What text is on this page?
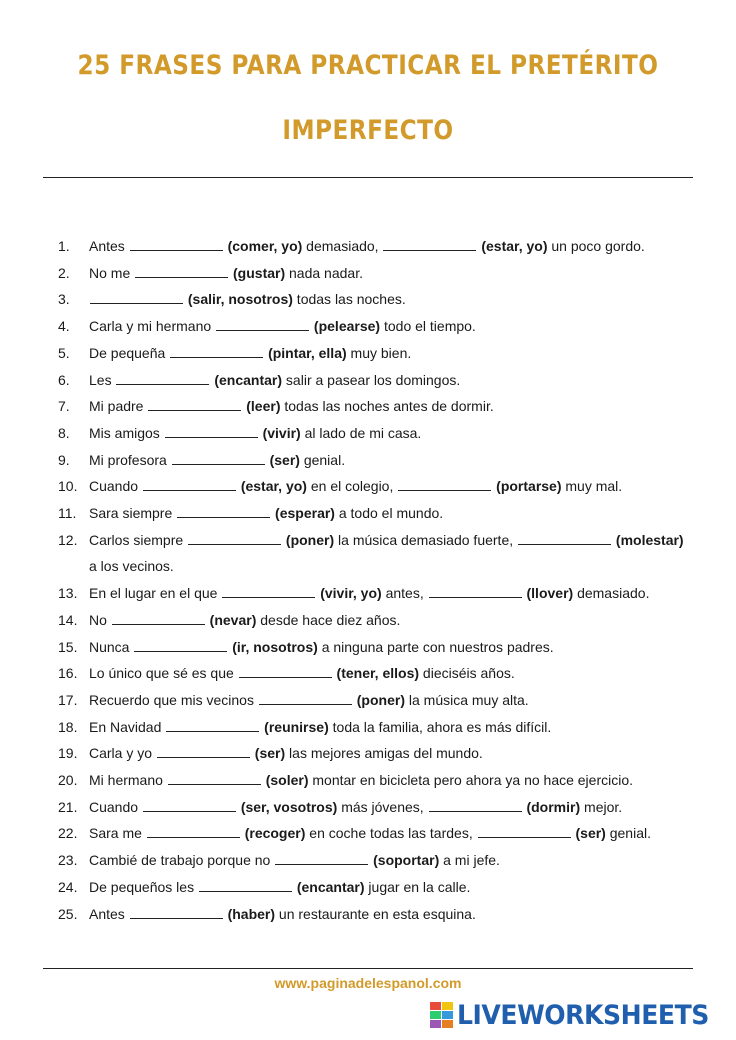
25 FRASES PARA PRACTICAR EL PRETÉRITO
IMPERFECTO
1.	Antes	(comer, yo) demasiado,	(estar, yo) un poco gordo.
2.	No me	(gustar) nada nadar.
3.	(salir, nosotros) todas las noches.
4.	Carla y mi hermano	(pelearse) todo el tiempo.
5.	De pequeña	(pintar, ella) muy bien.
6.	Les	(encantar) salir a pasear los domingos.
7.	Mi padre	(leer) todas las noches antes de dormir.
8.	Mis amigos	(vivir) al lado de mi casa.
9.	Mi profesora	(ser) genial.
10. Cuando	(estar, yo) en el colegio,	(portarse) muy mal.
11. Sara siempre	(esperar) a todo el mundo.
12. Carlos siempre	(poner) la música demasiado fuerte,	(molestar)
a los vecinos.
13. En el lugar en el que	(vivir, yo) antes,	(llover) demasiado.
14. No	(nevar) desde hace diez años.
15. Nunca	(ir, nosotros) a ninguna parte con nuestros padres.
16. Lo único que sé es que	(tener, ellos) dieciséis años.
17. Recuerdo que mis vecinos	(poner) la música muy alta.
18. En Navidad	(reunirse) toda la familia, ahora es más difícil.
19. Carla y yo	(ser) las mejores amigas del mundo.
20. Mi hermano	(soler) montar en bicicleta pero ahora ya no hace ejercicio.
21. Cuando	(ser, vosotros) más jóvenes,	(dormir) mejor.
22. Sara me	(recoger) en coche todas las tardes,	(ser) genial.
23. Cambié de trabajo porque no	(soportar) a mi jefe.
24. De pequeños les	(encantar) jugar en la calle.
25. Antes	(haber) un restaurante en esta esquina.
www.paginadelespanol.com
LIVEWORKSHEETS
